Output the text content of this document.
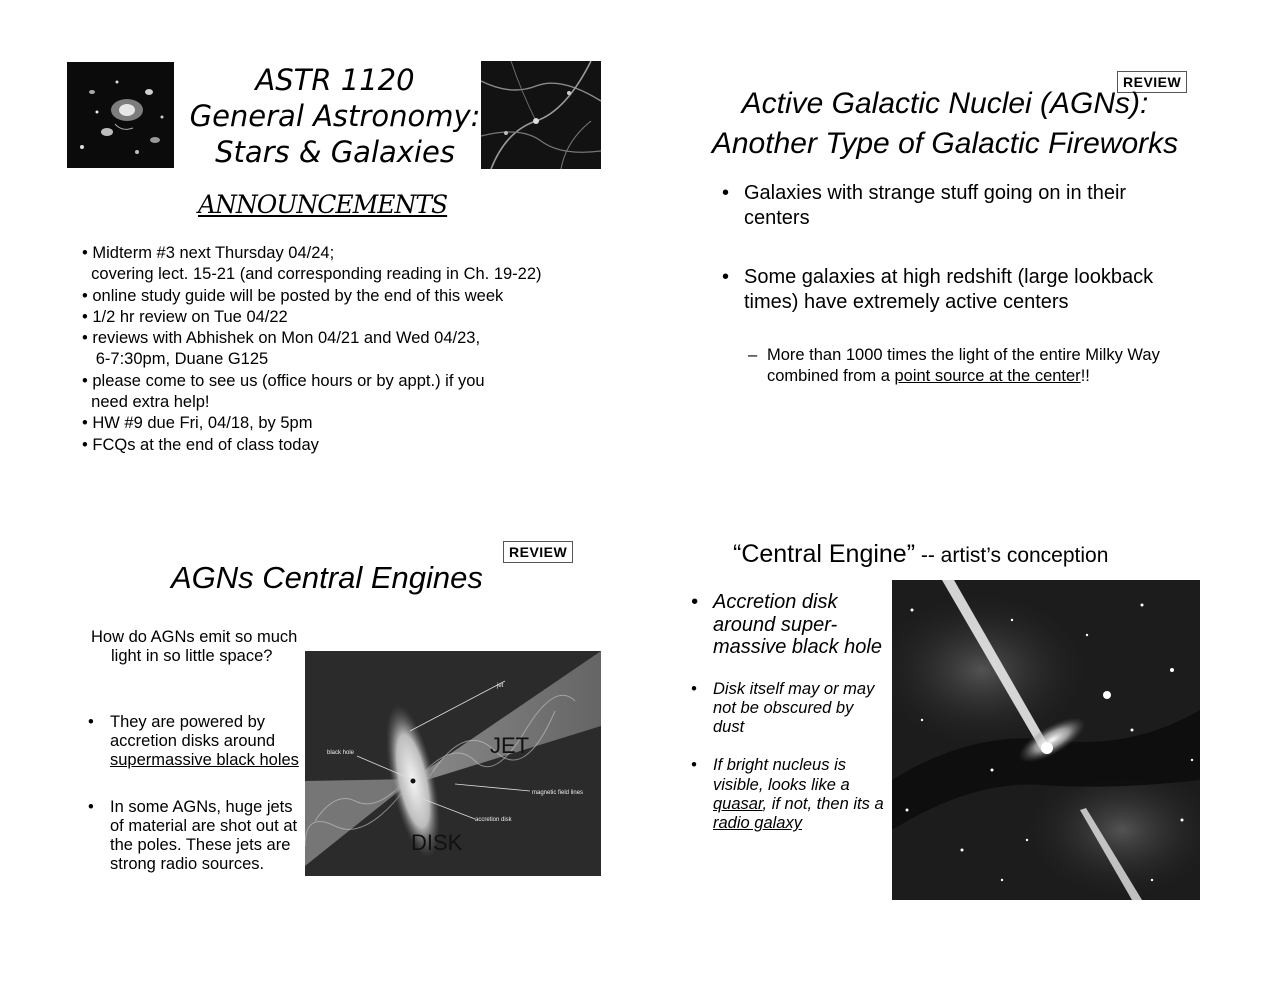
ASTR 1120
General Astronomy:
Stars & Galaxies
ANNOUNCEMENTS
• Midterm #3 next Thursday 04/24;
covering lect. 15-21 (and corresponding reading in Ch. 19-22)
• online study guide will be posted by the end of this week
• 1/2 hr review on Tue 04/22
• reviews with Abhishek on Mon 04/21 and Wed 04/23,
6-7:30pm, Duane G125
• please come to see us (office hours or by appt.) if you
need extra help!
• HW #9 due Fri, 04/18, by 5pm
• FCQs at the end of class today
REVIEW
Active Galactic Nuclei (AGNs):
Another Type of Galactic Fireworks
• Galaxies with strange stuff going on in their centers
• Some galaxies at high redshift (large lookback times) have extremely active centers
– More than 1000 times the light of the entire Milky Way combined from a point source at the center!!
REVIEW
AGNs Central Engines
How do AGNs emit so much light in so little space?
• They are powered by accretion disks around supermassive black holes
• In some AGNs, huge jets of material are shot out at the poles. These jets are strong radio sources.
jet
black hole
magnetic field lines
accretion disk
JET
DISK
“Central Engine” -- artist’s conception
• Accretion disk around super-massive black hole
• Disk itself may or may not be obscured by dust
• If bright nucleus is visible, looks like a quasar, if not, then its a radio galaxy
